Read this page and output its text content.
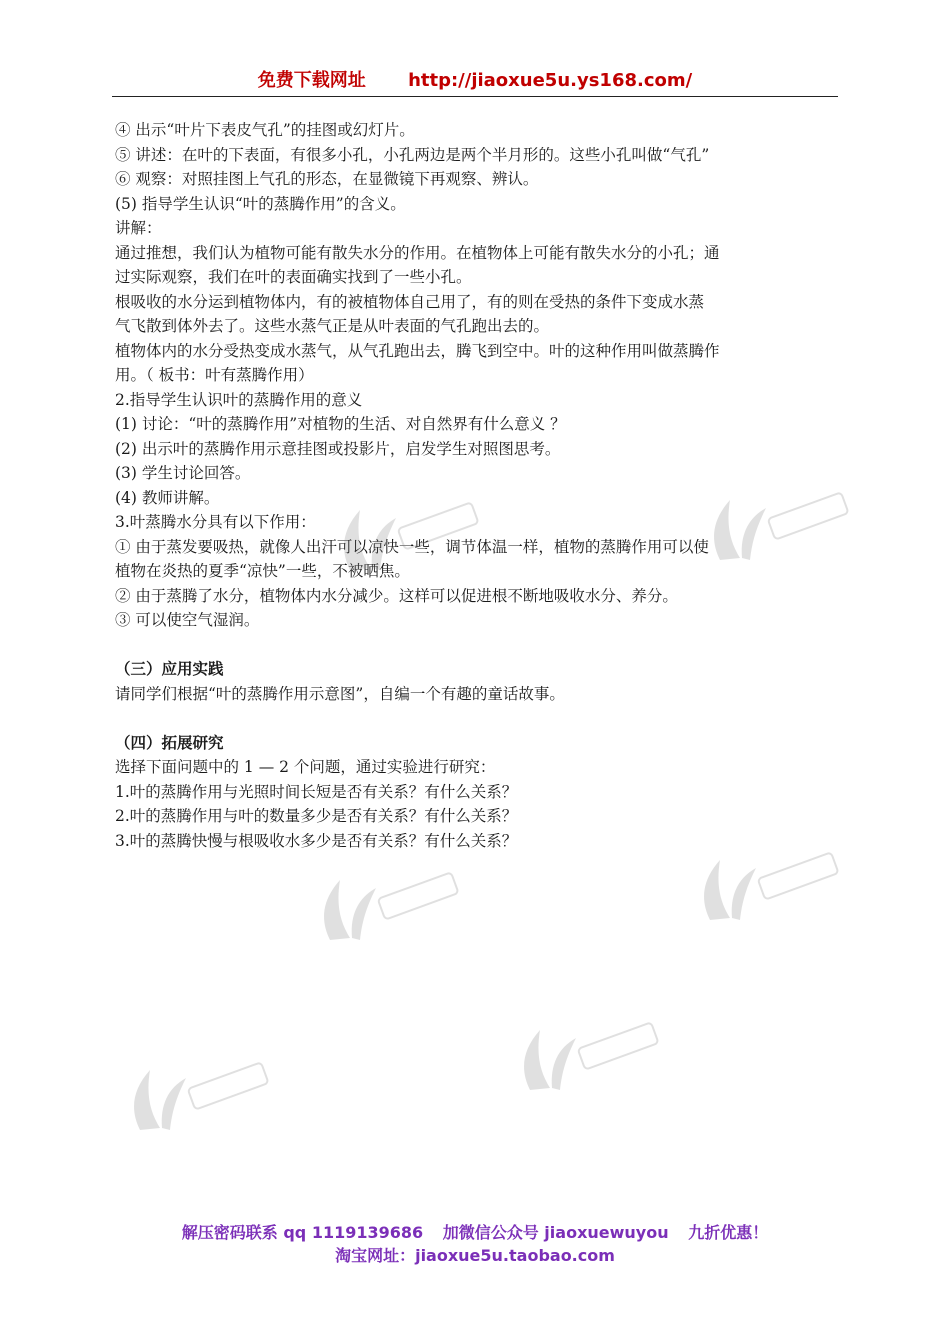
免费下载网址 http://jiaoxue5u.ys168.com/
④ 出示“叶片下表皮气孔”的挂图或幻灯片。
⑤ 讲述：在叶的下表面，有很多小孔，小孔两边是两个半月形的。这些小孔叫做“气孔”
⑥ 观察：对照挂图上气孔的形态，在显微镜下再观察、辨认。
(5) 指导学生认识“叶的蒸腾作用”的含义。
讲解：
通过推想，我们认为植物可能有散失水分的作用。在植物体上可能有散失水分的小孔；通
过实际观察，我们在叶的表面确实找到了一些小孔。
根吸收的水分运到植物体内，有的被植物体自己用了，有的则在受热的条件下变成水蒸
气飞散到体外去了。这些水蒸气正是从叶表面的气孔跑出去的。
植物体内的水分受热变成水蒸气，从气孔跑出去，腾飞到空中。叶的这种作用叫做蒸腾作
用。（ 板书：叶有蒸腾作用）
2.指导学生认识叶的蒸腾作用的意义
(1) 讨论：“叶的蒸腾作用”对植物的生活、对自然界有什么意义 ？
(2) 出示叶的蒸腾作用示意挂图或投影片，启发学生对照图思考。
(3) 学生讨论回答。
(4) 教师讲解。
3.叶蒸腾水分具有以下作用：
① 由于蒸发要吸热，就像人出汗可以凉快一些，调节体温一样，植物的蒸腾作用可以使
植物在炎热的夏季“凉快”一些，不被晒焦。
② 由于蒸腾了水分，植物体内水分减少。这样可以促进根不断地吸收水分、养分。
③ 可以使空气湿润。
（三）应用实践
请同学们根据“叶的蒸腾作用示意图”，自编一个有趣的童话故事。
（四）拓展研究
选择下面问题中的 1 — 2 个问题，通过实验进行研究：
1.叶的蒸腾作用与光照时间长短是否有关系？有什么关系？
2.叶的蒸腾作用与叶的数量多少是否有关系？有什么关系？
3.叶的蒸腾快慢与根吸收水多少是否有关系？有什么关系？
解压密码联系 qq 1119139686 加微信公众号 jiaoxuewuyou 九折优惠！
淘宝网址：jiaoxue5u.taobao.com
